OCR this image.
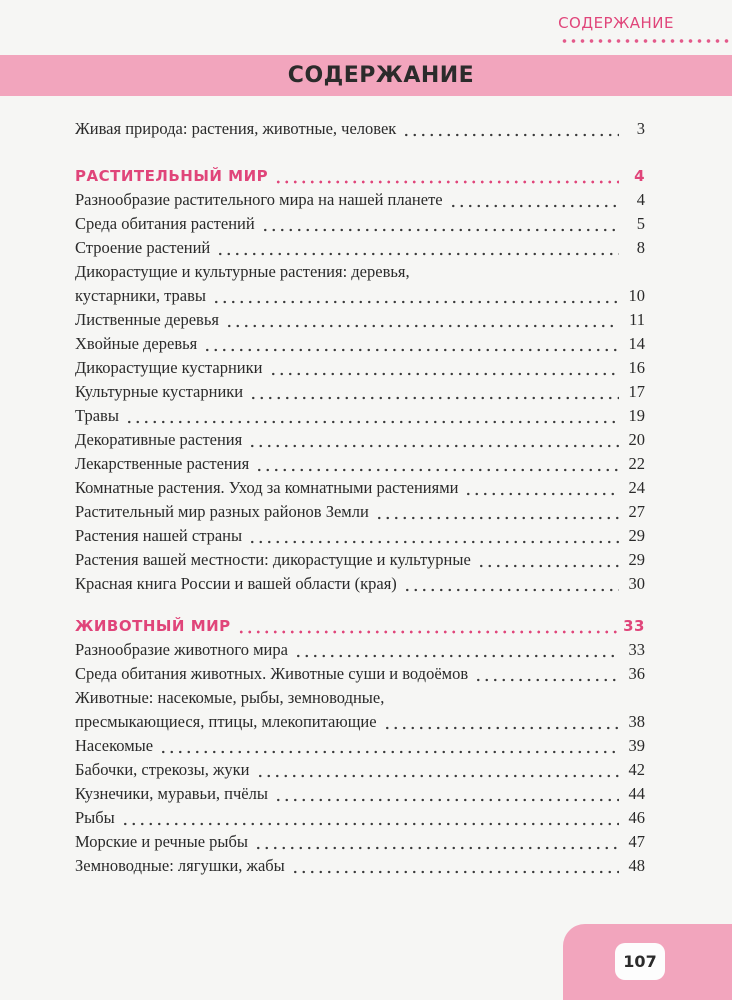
СОДЕРЖАНИЕ
СОДЕРЖАНИЕ
Живая природа: растения, животные, человек	3
РАСТИТЕЛЬНЫЙ МИР	4
Разнообразие растительного мира на нашей планете	4
Среда обитания растений	5
Строение растений	8
Дикорастущие и культурные растения: деревья,
кустарники, травы	10
Лиственные деревья	11
Хвойные деревья	14
Дикорастущие кустарники	16
Культурные кустарники	17
Травы	19
Декоративные растения	20
Лекарственные растения	22
Комнатные растения. Уход за комнатными растениями	24
Растительный мир разных районов Земли	27
Растения нашей страны	29
Растения вашей местности: дикорастущие и культурные	29
Красная книга России и вашей области (края)	30
ЖИВОТНЫЙ МИР	33
Разнообразие животного мира	33
Среда обитания животных. Животные суши и водоёмов	36
Животные: насекомые, рыбы, земноводные,
пресмыкающиеся, птицы, млекопитающие	38
Насекомые	39
Бабочки, стрекозы, жуки	42
Кузнечики, муравьи, пчёлы	44
Рыбы	46
Морские и речные рыбы	47
Земноводные: лягушки, жабы	48
107
